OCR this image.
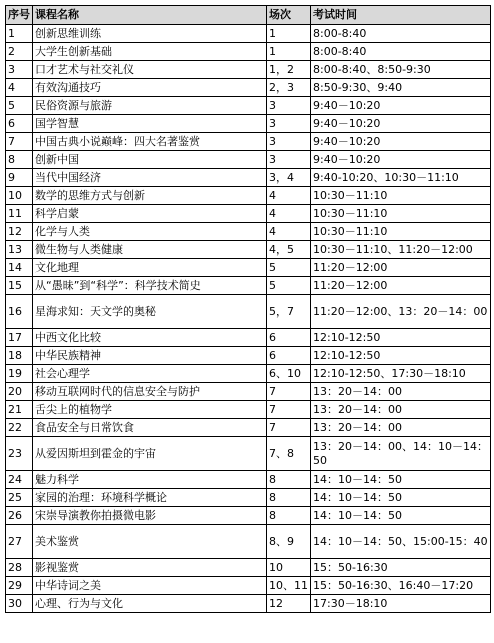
序号	课程名称	场次	考试时间
1	创新思维训练	1	8:00-8:40
2	大学生创新基础	1	8:00-8:40
3	口才艺术与社交礼仪	1，2	8:00-8:40、8:50-9:30
4	有效沟通技巧	2，3	8:50-9:30、9:40
5	民俗资源与旅游	3	9:40－10:20
6	国学智慧	3	9:40－10:20
7	中国古典小说巅峰：四大名著鉴赏	3	9:40－10:20
8	创新中国	3	9:40－10:20
9	当代中国经济	3，4	9:40-10:20、10:30－11:10
10	数学的思维方式与创新	4	10:30－11:10
11	科学启蒙	4	10:30－11:10
12	化学与人类	4	10:30－11:10
13	微生物与人类健康	4，5	10:30－11:10、11:20－12:00
14	文化地理	5	11:20－12:00
15	从“愚昧”到“科学”：科学技术简史	5	11:20－12:00
16	星海求知：天文学的奥秘	5，7	11:20－12:00、13：20－14：00
17	中西文化比较	6	12:10-12:50
18	中华民族精神	6	12:10-12:50
19	社会心理学	6、10	12:10-12:50、17:30－18:10
20	移动互联网时代的信息安全与防护	7	13：20－14：00
21	舌尖上的植物学	7	13：20－14：00
22	食品安全与日常饮食	7	13：20－14：00
23	从爱因斯坦到霍金的宇宙	7、8	13：20－14：00、14：10－14：50
24	魅力科学	8	14：10－14：50
25	家园的治理：环境科学概论	8	14：10－14：50
26	宋崇导演教你拍摄微电影	8	14：10－14：50
27	美术鉴赏	8、9	14：10－14：50、15:00-15：40
28	影视鉴赏	10	15：50-16:30
29	中华诗词之美	10、11	15：50-16:30、16:40－17:20
30	心理、行为与文化	12	17:30－18:10
